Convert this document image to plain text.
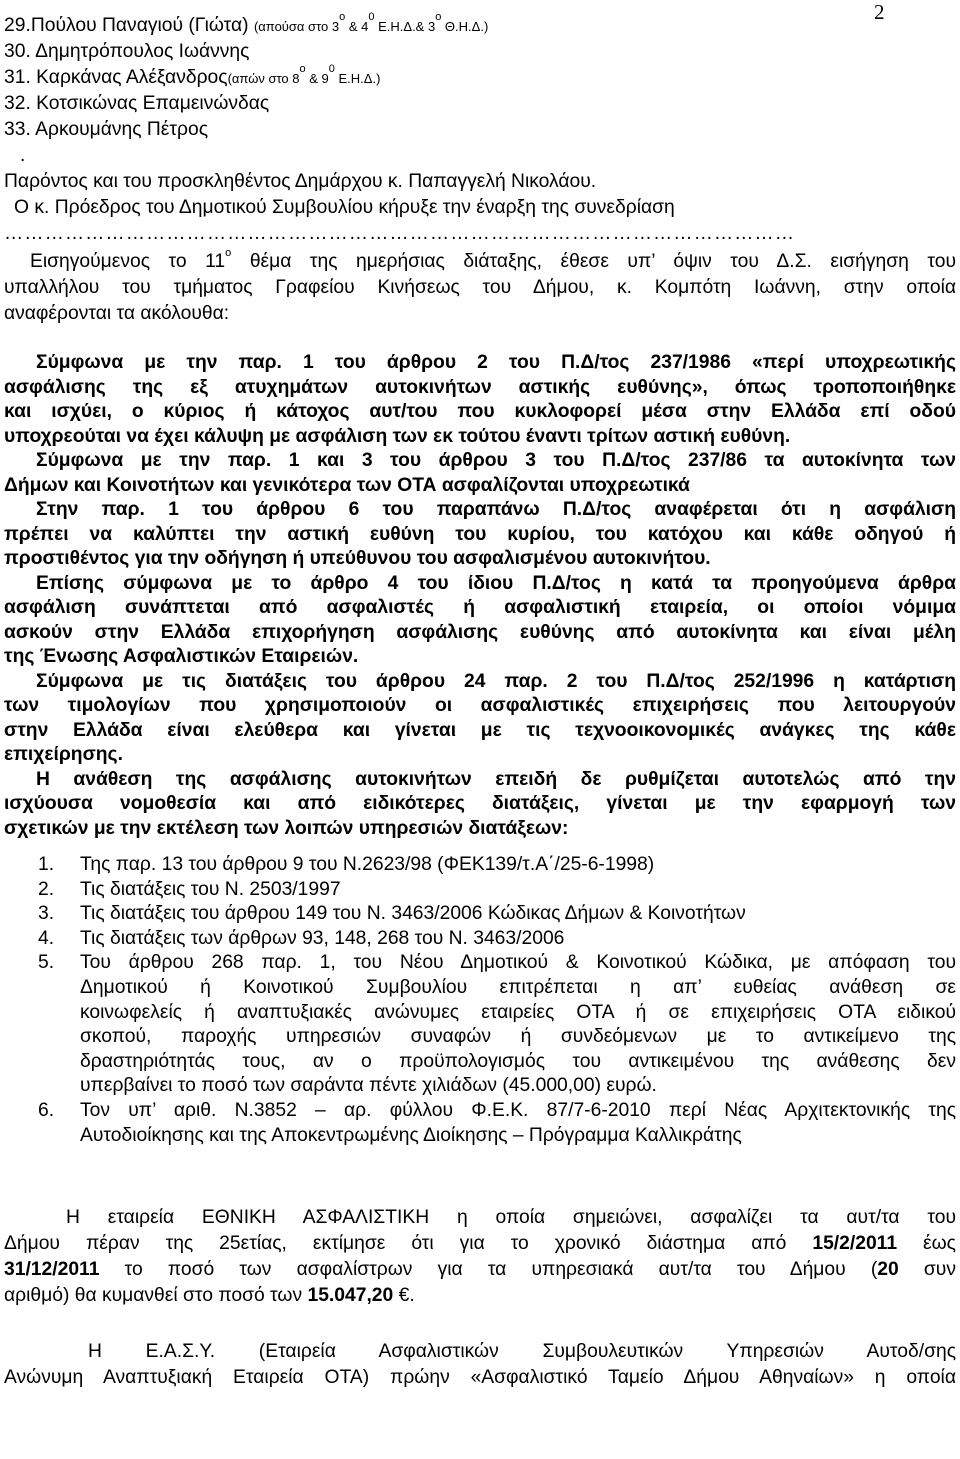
2
29.Πούλου Παναγιού (Γιώτα) (απούσα στο $3^o$ & $4^0$ Ε.Η.Δ.& $3^o$ Θ.Η.Δ.)
30. Δημητρόπουλος Ιωάννης
31. Καρκάνας Αλέξανδρος(απών στο $8^o$ & $9^0$ Ε.Η.Δ.)
32. Κοτσικώνας Επαμεινώνδας
33. Αρκουμάνης Πέτρος
.
Παρόντος και του προσκληθέντος Δημάρχου κ. Παπαγγελή Νικολάου.
Ο κ. Πρόεδρος του Δημοτικού Συμβουλίου κήρυξε την έναρξη της συνεδρίαση
………………………………………………………………………………………………………
Εισηγούμενος το $11^o$ θέμα της ημερήσιας διάταξης, έθεσε υπ’ όψιν του Δ.Σ. εισήγηση του
υπαλλήλου του τμήματος Γραφείου Κινήσεως του Δήμου, κ. Κομπότη Ιωάννη, στην οποία
αναφέρονται τα ακόλουθα:
Σύμφωνα με την παρ. 1 του άρθρου 2 του Π.Δ/τος 237/1986 «περί υποχρεωτικής
ασφάλισης της εξ ατυχημάτων αυτοκινήτων αστικής ευθύνης», όπως τροποποιήθηκε
και ισχύει, ο κύριος ή κάτοχος αυτ/του που κυκλοφορεί μέσα στην Ελλάδα επί οδού
υποχρεούται να έχει κάλυψη με ασφάλιση των εκ τούτου έναντι τρίτων αστική ευθύνη.
Σύμφωνα με την παρ. 1 και 3 του άρθρου 3 του Π.Δ/τος 237/86 τα αυτοκίνητα των
Δήμων και Κοινοτήτων και γενικότερα των ΟΤΑ ασφαλίζονται υποχρεωτικά
Στην παρ. 1 του άρθρου 6 του παραπάνω Π.Δ/τος αναφέρεται ότι η ασφάλιση
πρέπει να καλύπτει την αστική ευθύνη του κυρίου, του κατόχου και κάθε οδηγού ή
προστιθέντος για την οδήγηση ή υπεύθυνου του ασφαλισμένου αυτοκινήτου.
Επίσης σύμφωνα με το άρθρο 4 του ίδιου Π.Δ/τος η κατά τα προηγούμενα άρθρα
ασφάλιση συνάπτεται από ασφαλιστές ή ασφαλιστική εταιρεία, οι οποίοι νόμιμα
ασκούν στην Ελλάδα επιχορήγηση ασφάλισης ευθύνης από αυτοκίνητα και είναι μέλη
της Ένωσης Ασφαλιστικών Εταιρειών.
Σύμφωνα με τις διατάξεις του άρθρου 24 παρ. 2 του Π.Δ/τος 252/1996 η κατάρτιση
των τιμολογίων που χρησιμοποιούν οι ασφαλιστικές επιχειρήσεις που λειτουργούν
στην Ελλάδα είναι ελεύθερα και γίνεται με τις τεχνοοικονομικές ανάγκες της κάθε
επιχείρησης.
Η ανάθεση της ασφάλισης αυτοκινήτων επειδή δε ρυθμίζεται αυτοτελώς από την
ισχύουσα νομοθεσία και από ειδικότερες διατάξεις, γίνεται με την εφαρμογή των
σχετικών με την εκτέλεση των λοιπών υπηρεσιών διατάξεων:
1. Της παρ. 13 του άρθρου 9 του Ν.2623/98 (ΦΕΚ139/τ.Α΄/25-6-1998)
2. Τις διατάξεις του Ν. 2503/1997
3. Τις διατάξεις του άρθρου 149 του Ν. 3463/2006 Κώδικας Δήμων & Κοινοτήτων
4. Τις διατάξεις των άρθρων 93, 148, 268 του Ν. 3463/2006
5. Του άρθρου 268 παρ. 1, του Νέου Δημοτικού & Κοινοτικού Κώδικα, με απόφαση του
Δημοτικού ή Κοινοτικού Συμβουλίου επιτρέπεται η απ’ ευθείας ανάθεση σε
κοινωφελείς ή αναπτυξιακές ανώνυμες εταιρείες ΟΤΑ ή σε επιχειρήσεις ΟΤΑ ειδικού
σκοπού, παροχής υπηρεσιών συναφών ή συνδεόμενων με το αντικείμενο της
δραστηριότητάς τους, αν ο προϋπολογισμός του αντικειμένου της ανάθεσης δεν
υπερβαίνει το ποσό των σαράντα πέντε χιλιάδων (45.000,00) ευρώ.
6. Τον υπ’ αριθ. Ν.3852 – αρ. φύλλου Φ.Ε.Κ. 87/7-6-2010 περί Νέας Αρχιτεκτονικής της
Αυτοδιοίκησης και της Αποκεντρωμένης Διοίκησης – Πρόγραμμα Καλλικράτης
Η εταιρεία ΕΘΝΙΚΗ ΑΣΦΑΛΙΣΤΙΚΗ η οποία σημειώνει, ασφαλίζει τα αυτ/τα του
Δήμου πέραν της 25ετίας, εκτίμησε ότι για το χρονικό διάστημα από 15/2/2011 έως
31/12/2011 το ποσό των ασφαλίστρων για τα υπηρεσιακά αυτ/τα του Δήμου (20 συν
αριθμό) θα κυμανθεί στο ποσό των 15.047,20 €.
Η Ε.Α.Σ.Υ. (Εταιρεία Ασφαλιστικών Συμβουλευτικών Υπηρεσιών Αυτοδ/σης
Ανώνυμη Αναπτυξιακή Εταιρεία ΟΤΑ) πρώην «Ασφαλιστικό Ταμείο Δήμου Αθηναίων» η οποία
